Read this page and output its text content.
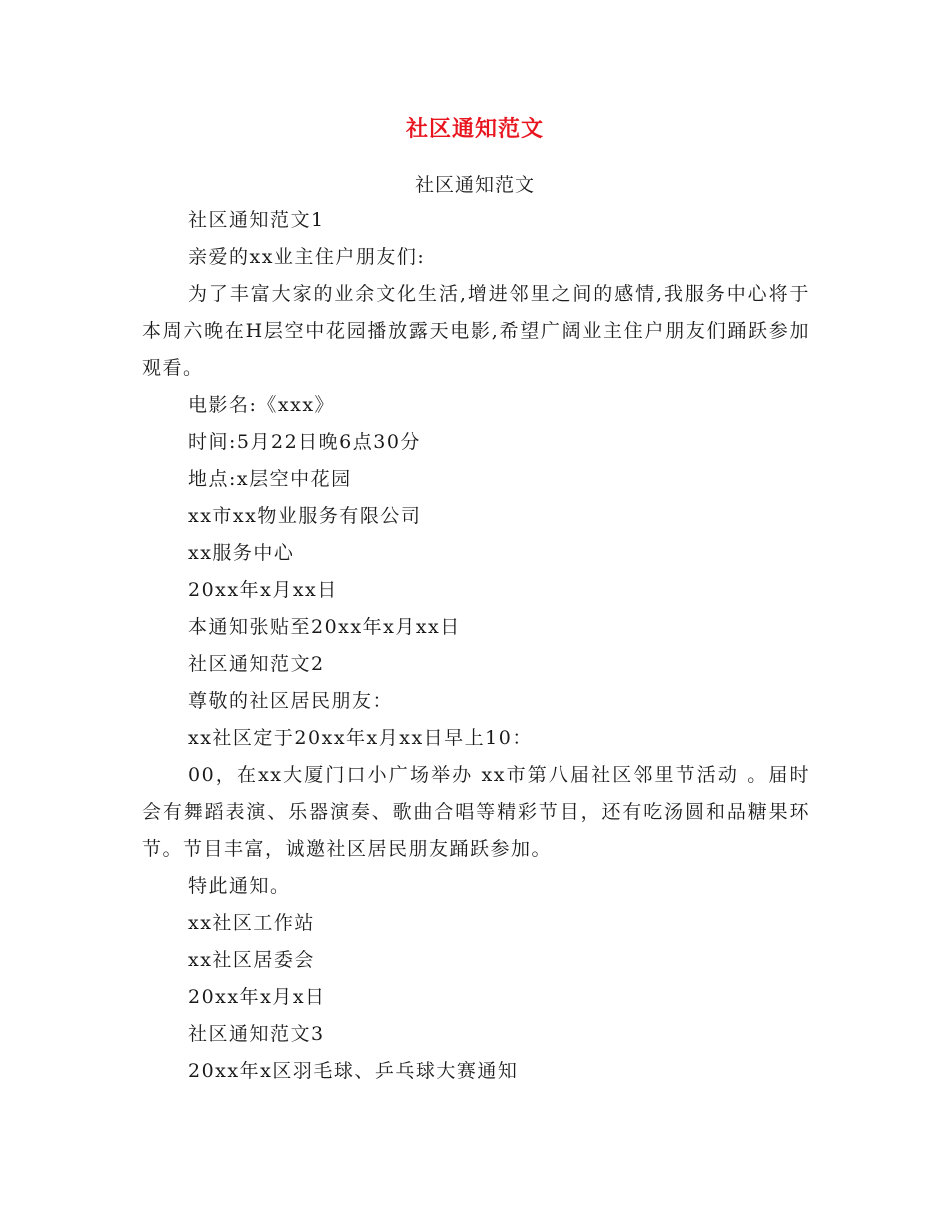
社区通知范文
社区通知范文

社区通知范文1

亲爱的xx业主住户朋友们:

为了丰富大家的业余文化生活,增进邻里之间的感情,我服务中心将于本周六晚在H层空中花园播放露天电影,希望广阔业主住户朋友们踊跃参加观看。

电影名:《xxx》

时间:5月22日晚6点30分

地点:x层空中花园

xx市xx物业服务有限公司

xx服务中心

20xx年x月xx日

本通知张贴至20xx年x月xx日

社区通知范文2

尊敬的社区居民朋友：

xx社区定于20xx年x月xx日早上10：

00，在xx大厦门口小广场举办 xx市第八届社区邻里节活动 。届时会有舞蹈表演、乐器演奏、歌曲合唱等精彩节目，还有吃汤圆和品糖果环节。节目丰富，诚邀社区居民朋友踊跃参加。

特此通知。

xx社区工作站

xx社区居委会

20xx年x月x日

社区通知范文3

20xx年x区羽毛球、乒乓球大赛通知
